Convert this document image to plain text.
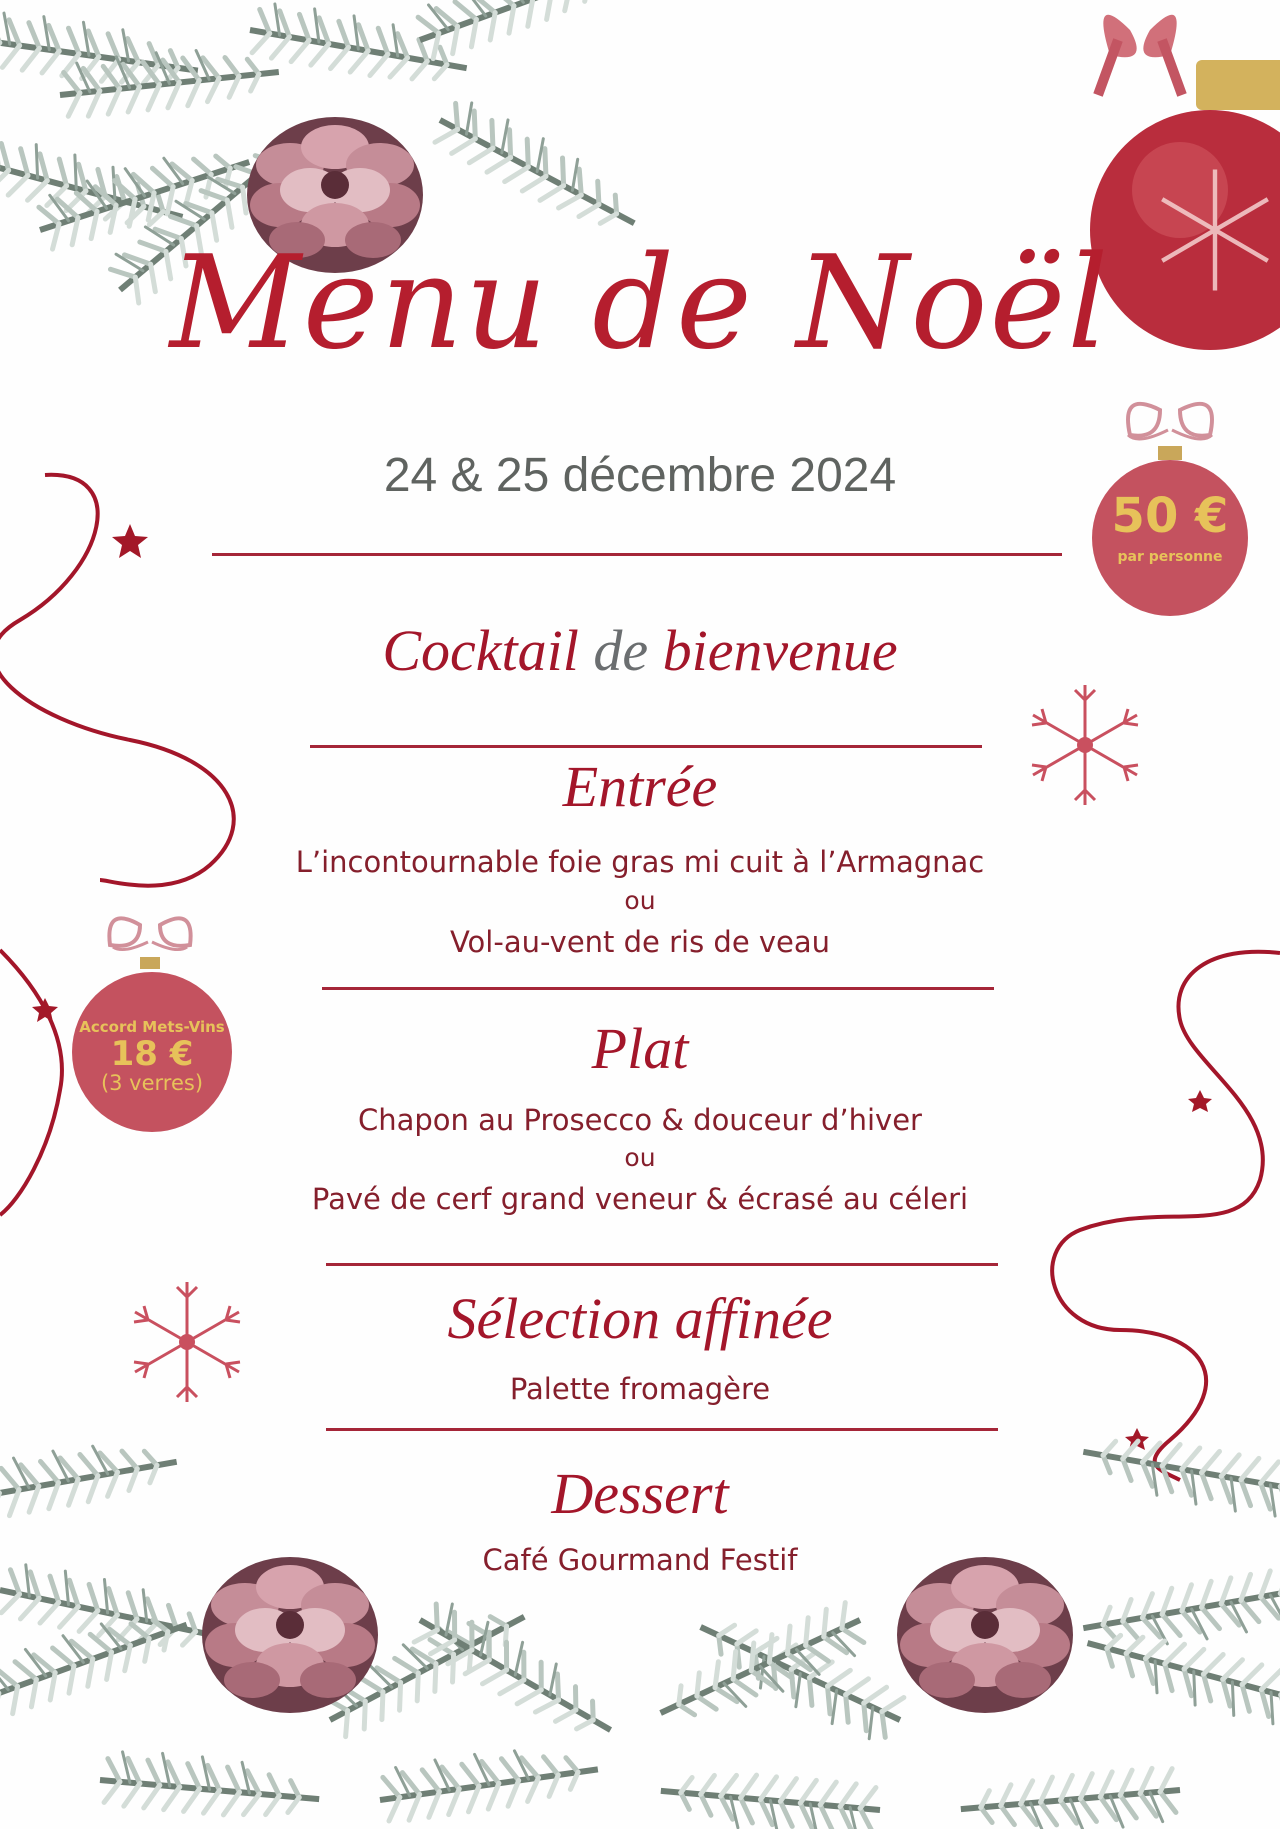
Menu de Noël
24 & 25 décembre 2024
50 €
par personne
Accord Mets-Vins
18 €
(3 verres)
Cocktail de bienvenue
Entrée
L’incontournable foie gras mi cuit à l’Armagnac
ou
Vol-au-vent de ris de veau
Plat
Chapon au Prosecco & douceur d’hiver
ou
Pavé de cerf grand veneur & écrasé au céleri
Sélection affinée
Palette fromagère
Dessert
Café Gourmand Festif
